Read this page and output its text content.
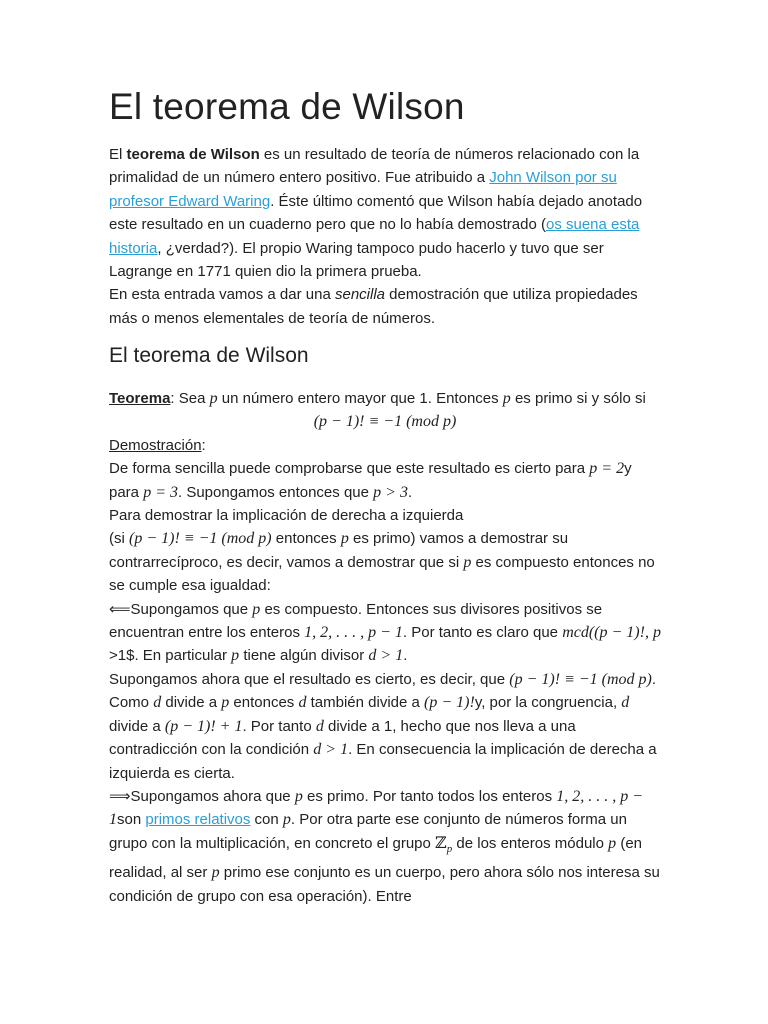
El teorema de Wilson

El teorema de Wilson es un resultado de teoría de números relacionado con la primalidad de un número entero positivo. Fue atribuido a John Wilson por su profesor Edward Waring. Éste último comentó que Wilson había dejado anotado este resultado en un cuaderno pero que no lo había demostrado (os suena esta historia, ¿verdad?). El propio Waring tampoco pudo hacerlo y tuvo que ser Lagrange en 1771 quien dio la primera prueba.

En esta entrada vamos a dar una sencilla demostración que utiliza propiedades más o menos elementales de teoría de números.

El teorema de Wilson

Teorema: Sea p un número entero mayor que 1. Entonces p es primo si y sólo si

(p − 1)! ≡ −1 (mod p)

Demostración:

De forma sencilla puede comprobarse que este resultado es cierto para p = 2y para p = 3. Supongamos entonces que p > 3.

Para demostrar la implicación de derecha a izquierda
(si (p − 1)! ≡ −1 (mod p) entonces p es primo) vamos a demostrar su contrarrecíproco, es decir, vamos a demostrar que si p es compuesto entonces no se cumple esa igualdad:

⟸Supongamos que p es compuesto. Entonces sus divisores positivos se encuentran entre los enteros 1, 2, . . . , p − 1. Por tanto es claro que mcd((p − 1)!, p >1$. En particular p tiene algún divisor d > 1.

Supongamos ahora que el resultado es cierto, es decir, que (p − 1)! ≡ −1 (mod p). Como d divide a p entonces d también divide a (p − 1)!y, por la congruencia, d divide a (p − 1)! + 1. Por tanto d divide a 1, hecho que nos lleva a una contradicción con la condición d > 1. En consecuencia la implicación de derecha a izquierda es cierta.

⟹Supongamos ahora que p es primo. Por tanto todos los enteros 1, 2, . . . , p − 1son primos relativos con p. Por otra parte ese conjunto de números forma un grupo con la multiplicación, en concreto el grupo ℤ$_p$ de los enteros módulo p (en realidad, al ser p primo ese conjunto es un cuerpo, pero ahora sólo nos interesa su condición de grupo con esa operación). Entre
